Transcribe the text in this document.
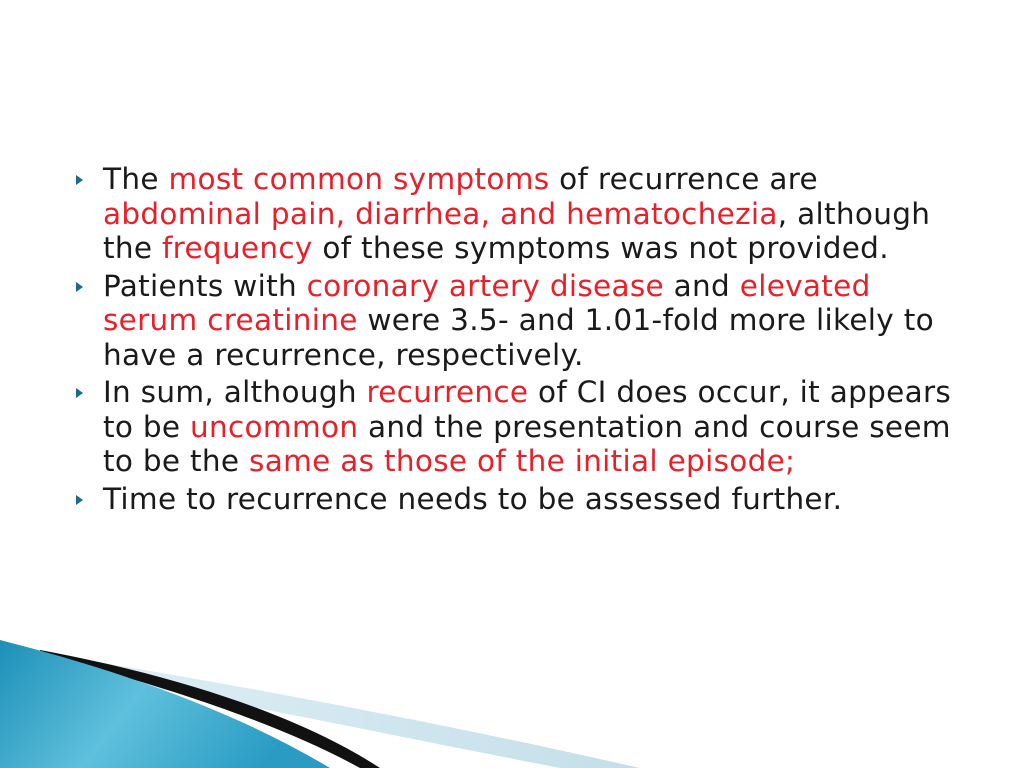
The most common symptoms of recurrence are abdominal pain, diarrhea, and hematochezia, although the frequency of these symptoms was not provided.
Patients with coronary artery disease and elevated serum creatinine were 3.5- and 1.01-fold more likely to have a recurrence, respectively.
In sum, although recurrence of CI does occur, it appears to be uncommon and the presentation and course seem to be the same as those of the initial episode;
Time to recurrence needs to be assessed further.
